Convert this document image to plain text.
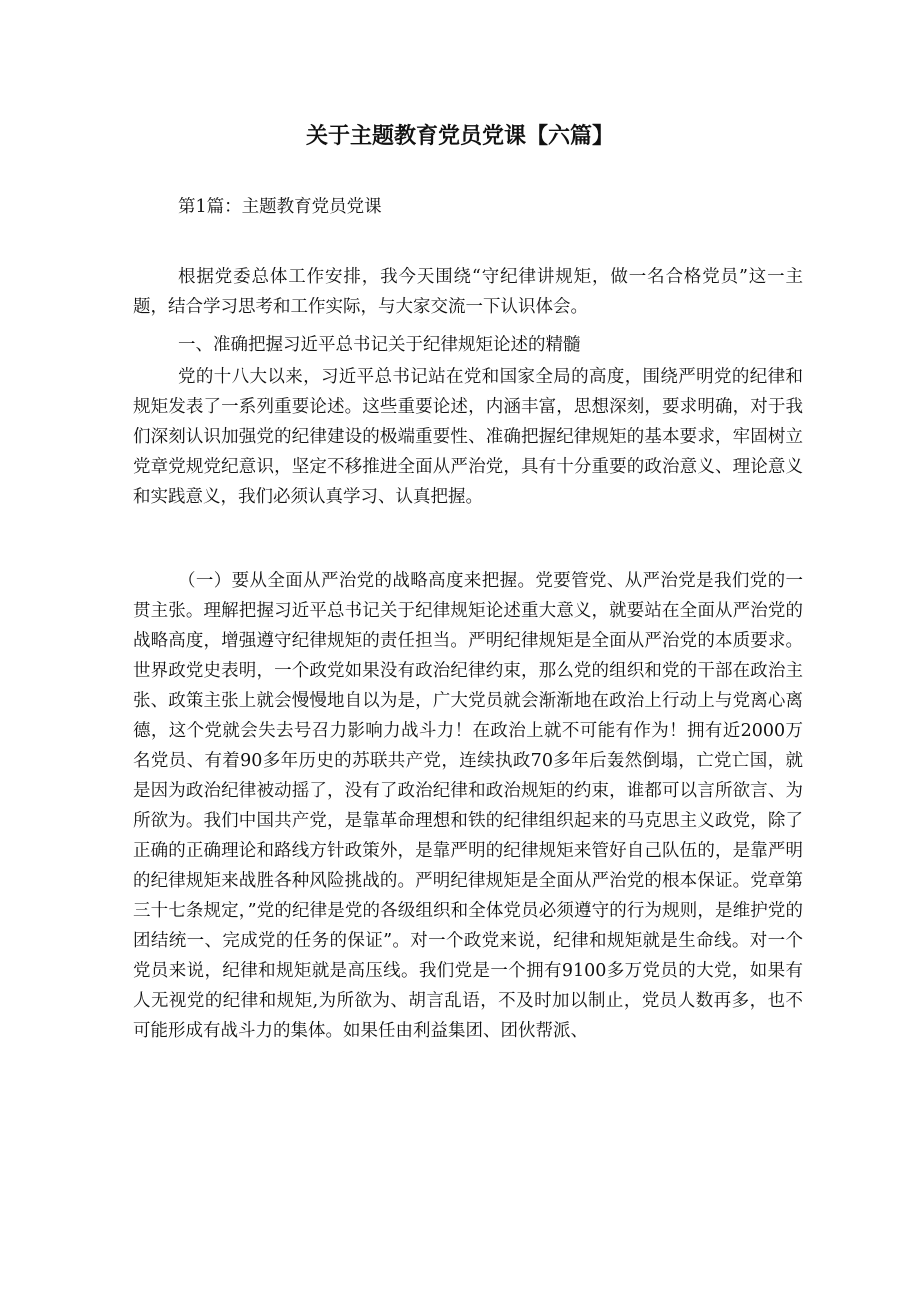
关于主题教育党员党课【六篇】

第1篇：主题教育党员党课

根据党委总体工作安排，我今天围绕“守纪律讲规矩，做一名合格党员”这一主题，结合学习思考和工作实际，与大家交流一下认识体会。

一、准确把握习近平总书记关于纪律规矩论述的精髓

党的十八大以来，习近平总书记站在党和国家全局的高度，围绕严明党的纪律和规矩发表了一系列重要论述。这些重要论述，内涵丰富，思想深刻，要求明确，对于我们深刻认识加强党的纪律建设的极端重要性、准确把握纪律规矩的基本要求，牢固树立党章党规党纪意识，坚定不移推进全面从严治党，具有十分重要的政治意义、理论意义和实践意义，我们必须认真学习、认真把握。

（一）要从全面从严治党的战略高度来把握。党要管党、从严治党是我们党的一贯主张。理解把握习近平总书记关于纪律规矩论述重大意义，就要站在全面从严治党的战略高度，增强遵守纪律规矩的责任担当。严明纪律规矩是全面从严治党的本质要求。世界政党史表明，一个政党如果没有政治纪律约束，那么党的组织和党的干部在政治主张、政策主张上就会慢慢地自以为是，广大党员就会渐渐地在政治上行动上与党离心离德，这个党就会失去号召力影响力战斗力！在政治上就不可能有作为！拥有近2000万名党员、有着90多年历史的苏联共产党，连续执政70多年后轰然倒塌，亡党亡国，就是因为政治纪律被动摇了，没有了政治纪律和政治规矩的约束，谁都可以言所欲言、为所欲为。我们中国共产党，是靠革命理想和铁的纪律组织起来的马克思主义政党，除了正确的正确理论和路线方针政策外，是靠严明的纪律规矩来管好自己队伍的，是靠严明的纪律规矩来战胜各种风险挑战的。严明纪律规矩是全面从严治党的根本保证。党章第三十七条规定，”党的纪律是党的各级组织和全体党员必须遵守的行为规则，是维护党的团结统一、完成党的任务的保证”。对一个政党来说，纪律和规矩就是生命线。对一个党员来说，纪律和规矩就是高压线。我们党是一个拥有9100多万党员的大党，如果有人无视党的纪律和规矩,为所欲为、胡言乱语，不及时加以制止，党员人数再多，也不可能形成有战斗力的集体。如果任由利益集团、团伙帮派、
